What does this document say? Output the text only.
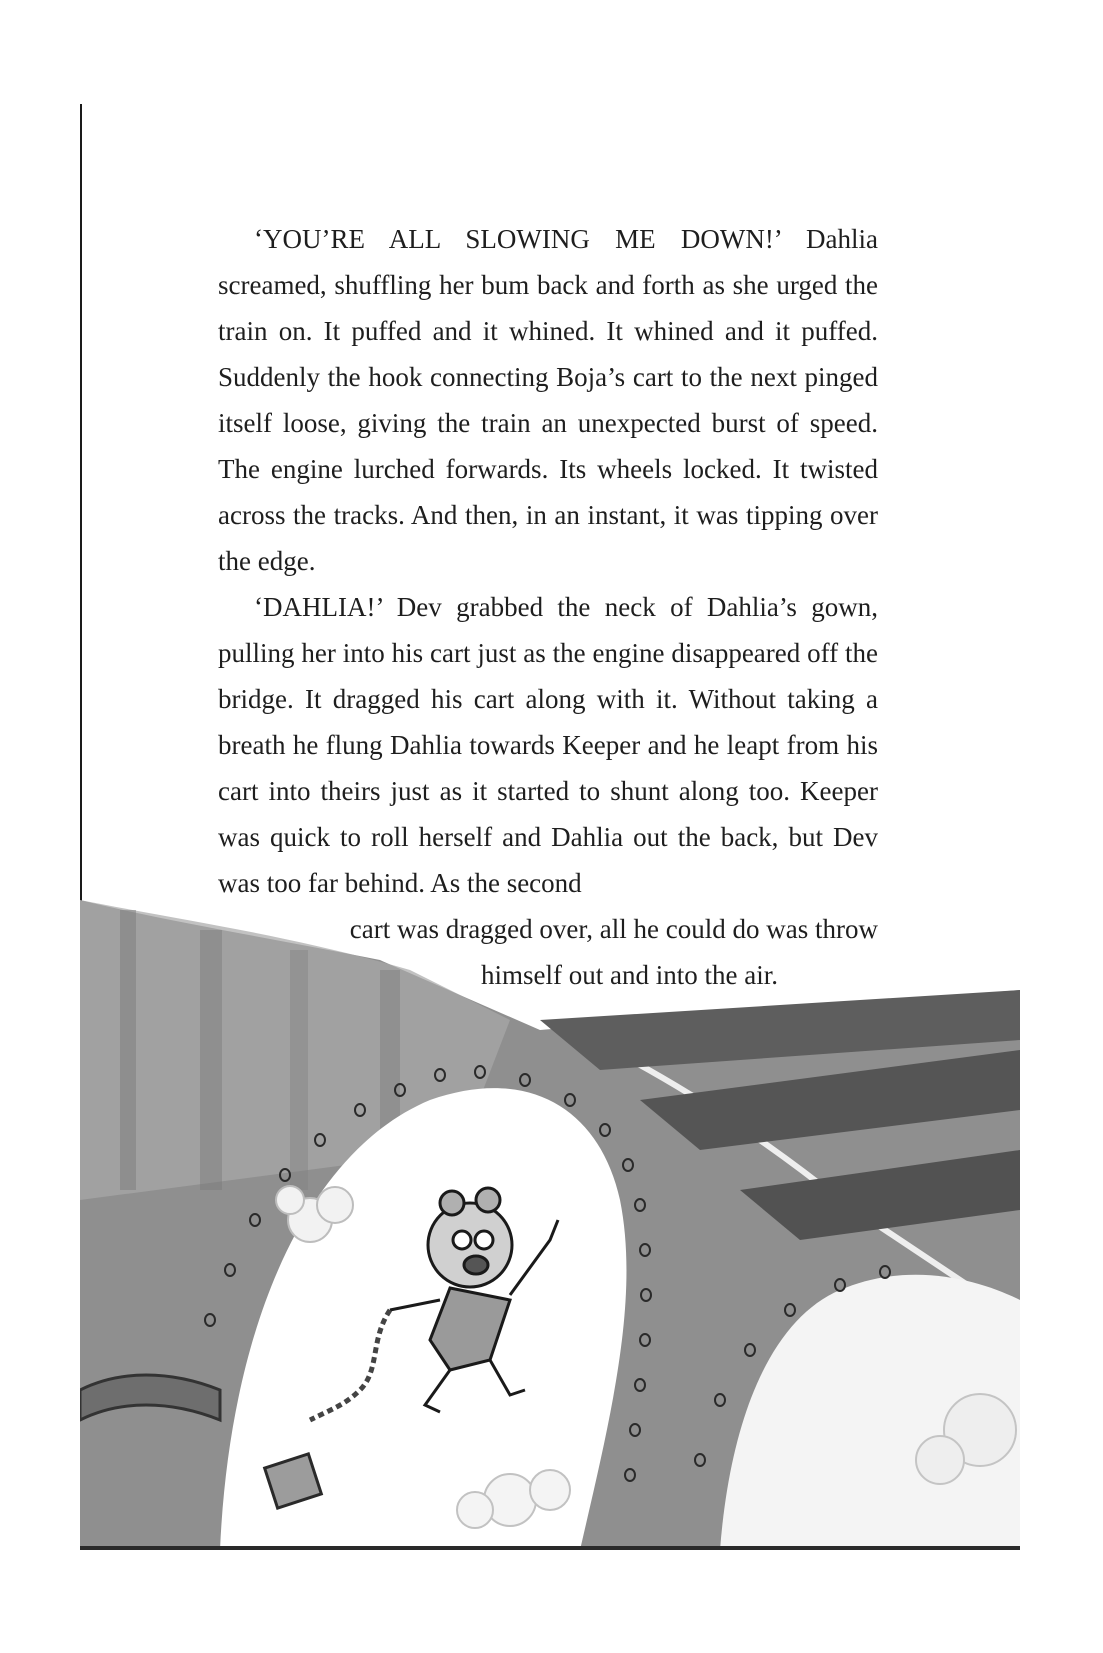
‘YOU’RE ALL SLOWING ME DOWN!’ Dahlia screamed, shuffling her bum back and forth as she urged the train on. It puffed and it whined. It whined and it puffed. Suddenly the hook connecting Boja’s cart to the next pinged itself loose, giving the train an unexpected burst of speed. The engine lurched forwards. Its wheels locked. It twisted across the tracks. And then, in an instant, it was tipping over the edge.

‘DAHLIA!’ Dev grabbed the neck of Dahlia’s gown, pulling her into his cart just as the engine disappeared off the bridge. It dragged his cart along with it. Without taking a breath he flung Dahlia towards Keeper and he leapt from his cart into theirs just as it started to shunt along too. Keeper was quick to roll herself and Dahlia out the back, but Dev was too far behind. As the second

cart was dragged over, all he could do was throw
himself out and into the air.
